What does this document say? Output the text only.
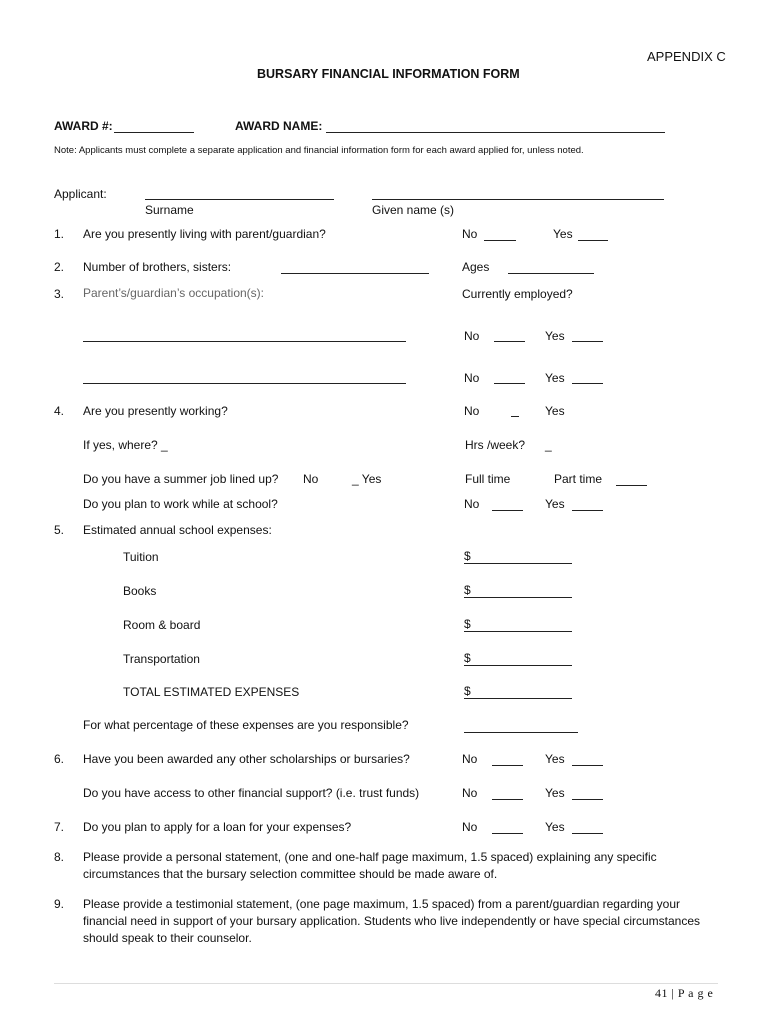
APPENDIX C
BURSARY FINANCIAL INFORMATION FORM
AWARD #:	AWARD NAME:
Note: Applicants must complete a separate application and financial information form for each award applied for, unless noted.
Applicant:
Surname	Given name (s)
1. Are you presently living with parent/guardian?	No	Yes
2. Number of brothers, sisters:	Ages
3. Parent’s/guardian’s occupation(s):	Currently employed?
No	Yes
No	Yes
4. Are you presently working?	No	Yes
If yes, where? _	Hrs /week? _
Do you have a summer job lined up? No	_ Yes	Full time	Part time
Do you plan to work while at school?	No	Yes
5. Estimated annual school expenses:
Tuition	$
Books	$
Room & board	$
Transportation	$
TOTAL ESTIMATED EXPENSES	$
For what percentage of these expenses are you responsible?
6. Have you been awarded any other scholarships or bursaries?	No	Yes
Do you have access to other financial support? (i.e. trust funds)	No	Yes
7. Do you plan to apply for a loan for your expenses?	No	Yes
8. Please provide a personal statement, (one and one-half page maximum, 1.5 spaced) explaining any specific circumstances that the bursary selection committee should be made aware of.
9. Please provide a testimonial statement, (one page maximum, 1.5 spaced) from a parent/guardian regarding your financial need in support of your bursary application. Students who live independently or have special circumstances should speak to their counselor.
41 | P a g e
